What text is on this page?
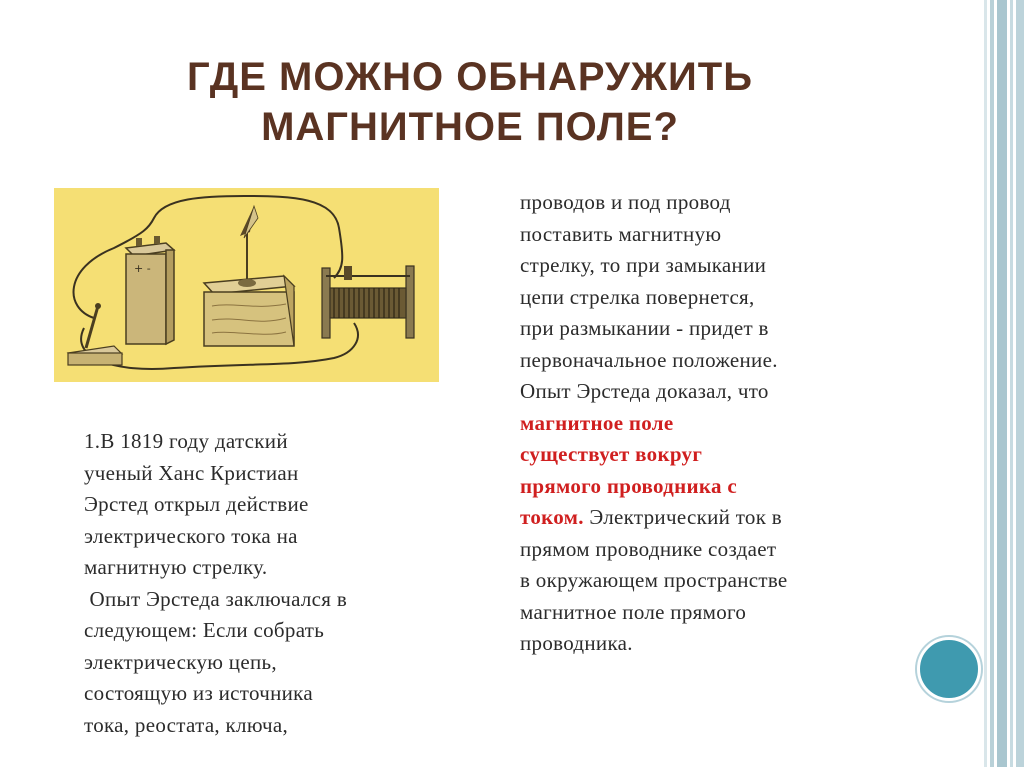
ГДЕ МОЖНО ОБНАРУЖИТЬ
МАГНИТНОЕ ПОЛЕ?
+ -
1.В 1819 году датский
ученый Ханс Кристиан
Эрстед открыл действие
электрического тока на
магнитную стрелку.
Опыт Эрстеда заключался в
следующем: Если собрать
электрическую цепь,
состоящую из источника
тока, реостата, ключа,
проводов и под провод
поставить магнитную
стрелку, то при замыкании
цепи стрелка повернется,
при размыкании - придет в
первоначальное положение.
Опыт Эрстеда доказал, что
магнитное поле
существует вокруг
прямого проводника с
током. Электрический ток в
прямом проводнике создает
в окружающем пространстве
магнитное поле прямого
проводника.
